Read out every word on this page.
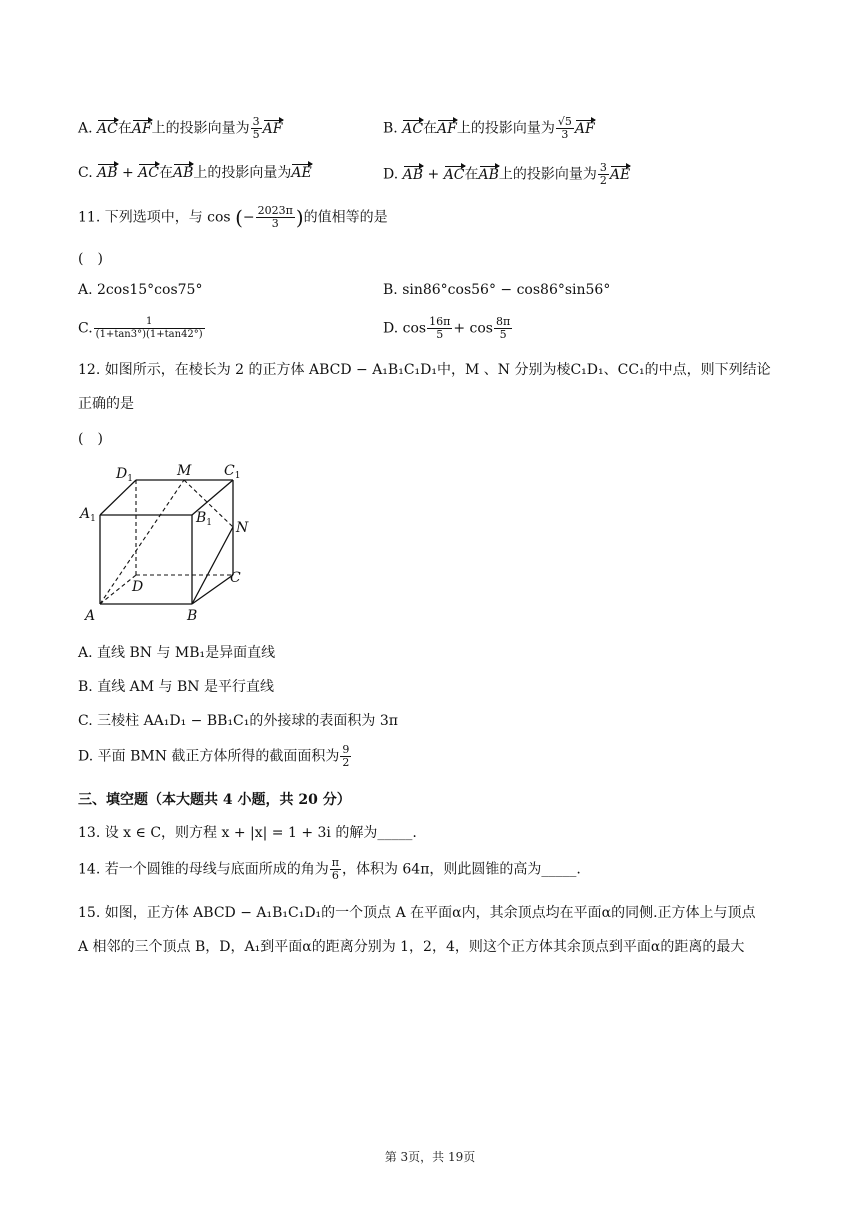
A. AC在AF上的投影向量为 $\frac{3}{5}$ AF	B. AC在AF上的投影向量为 $\frac{√5}{3}$ AF
C. AB + AC在AB上的投影向量为AE	D. AB + AC在AB上的投影向量为 $\frac{3}{2}$ AE
11. 下列选项中，与 cos (− $\frac{2023\pi}{3}$ )的值相等的是
(　)
A. 2cos15°cos75°	B. sin86°cos56° − cos86°sin56°
C. $\frac{1}{(1+\tan 3^\circ)(1+\tan 42^\circ)}$	D. $\cos \frac{16\pi}{5} + \cos \frac{8\pi}{5}$
12. 如图所示，在棱长为 2 的正方体 ABCD − A₁B₁C₁D₁中，M 、N 分别为棱C₁D₁、CC₁的中点，则下列结论
正确的是
(　)
$D_1$	M $C_1$
$A_1$	$B_1$ N
D
C
A	B
A. 直线 BN 与 MB₁是异面直线
B. 直线 AM 与 BN 是平行直线
C. 三棱柱 AA₁D₁ − BB₁C₁的外接球的表面积为 3π
D. 平面 BMN 截正方体所得的截面面积为 $\frac{9}{2}$
三、填空题（本大题共 4 小题，共 20 分）
13. 设 x ∈ C，则方程 x + |x| = 1 + 3i 的解为_____.
14. 若一个圆锥的母线与底面所成的角为 $\frac{\pi}{6}$ ，体积为 64π，则此圆锥的高为_____.
15. 如图，正方体 ABCD − A₁B₁C₁D₁的一个顶点 A 在平面α内，其余顶点均在平面α的同侧.正方体上与顶点
A 相邻的三个顶点 B，D，A₁到平面α的距离分别为 1，2，4，则这个正方体其余顶点到平面α的距离的最大
第 3页，共 19页
